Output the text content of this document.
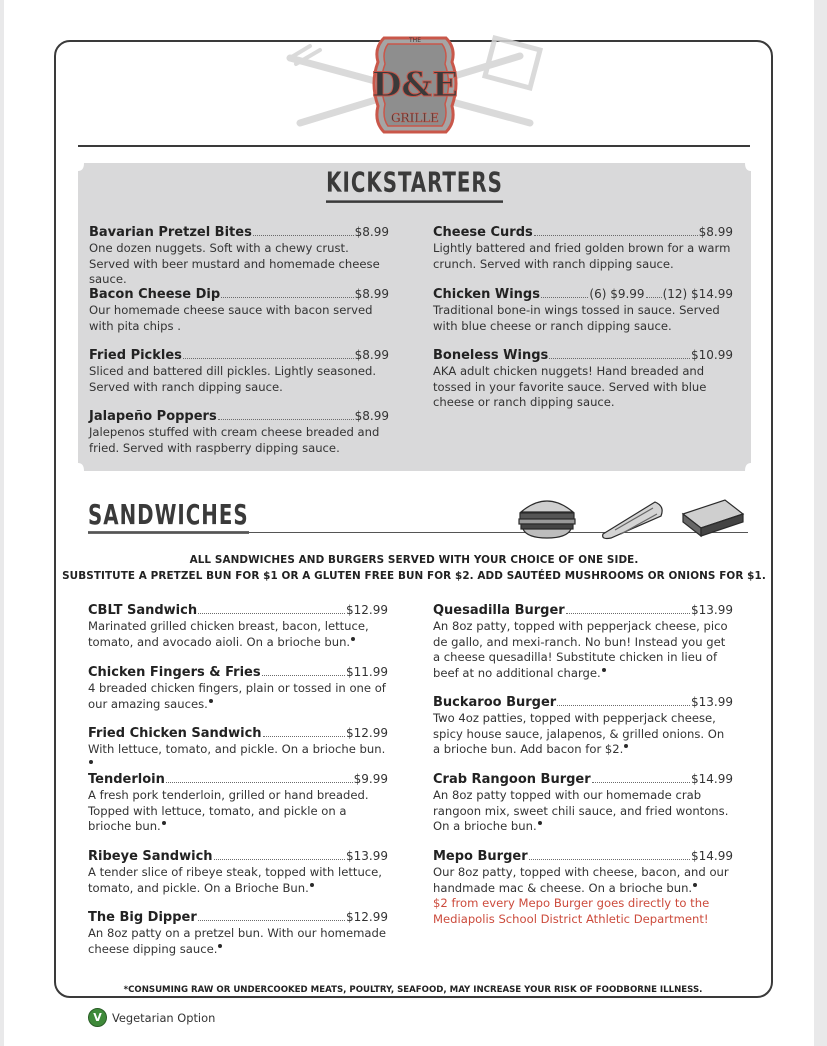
THE
D&E
GRILLE
KICKSTARTERS
Bavarian Pretzel Bites	$8.99
One dozen nuggets. Soft with a chewy crust. Served with beer mustard and homemade cheese sauce.
Bacon Cheese Dip	$8.99
Our homemade cheese sauce with bacon served with pita chips .
Fried Pickles	$8.99
Sliced and battered dill pickles. Lightly seasoned. Served with ranch dipping sauce.
Jalapeño Poppers	$8.99
Jalepenos stuffed with cream cheese breaded and fried. Served with raspberry dipping sauce.
Cheese Curds	$8.99
Lightly battered and fried golden brown for a warm crunch. Served with ranch dipping sauce.
Chicken Wings	(6) $9.99 (12) $14.99
Traditional bone-in wings tossed in sauce. Served with blue cheese or ranch dipping sauce.
Boneless Wings	$10.99
AKA adult chicken nuggets! Hand breaded and tossed in your favorite sauce. Served with blue cheese or ranch dipping sauce.
SANDWICHES
ALL SANDWICHES AND BURGERS SERVED WITH YOUR CHOICE OF ONE SIDE.
SUBSTITUTE A PRETZEL BUN FOR $1 OR A GLUTEN FREE BUN FOR $2. ADD SAUTÉED MUSHROOMS OR ONIONS FOR $1.
CBLT Sandwich	$12.99
Marinated grilled chicken breast, bacon, lettuce, tomato, and avocado aioli. On a brioche bun.
Chicken Fingers & Fries	$11.99
4 breaded chicken fingers, plain or tossed in one of our amazing sauces.
Fried Chicken Sandwich	$12.99
With lettuce, tomato, and pickle. On a brioche bun.
Tenderloin	$9.99
A fresh pork tenderloin, grilled or hand breaded. Topped with lettuce, tomato, and pickle on a brioche bun.
Ribeye Sandwich	$13.99
A tender slice of ribeye steak, topped with lettuce, tomato, and pickle. On a Brioche Bun.
The Big Dipper	$12.99
An 8oz patty on a pretzel bun. With our homemade cheese dipping sauce.
Quesadilla Burger	$13.99
An 8oz patty, topped with pepperjack cheese, pico de gallo, and mexi-ranch. No bun! Instead you get a cheese quesadilla! Substitute chicken in lieu of beef at no additional charge.
Buckaroo Burger	$13.99
Two 4oz patties, topped with pepperjack cheese, spicy house sauce, jalapenos, & grilled onions. On a brioche bun. Add bacon for $2.
Crab Rangoon Burger	$14.99
An 8oz patty topped with our homemade crab rangoon mix, sweet chili sauce, and fried wontons. On a brioche bun.
Mepo Burger	$14.99
Our 8oz patty, topped with cheese, bacon, and our handmade mac & cheese. On a brioche bun.
$2 from every Mepo Burger goes directly to the Mediapolis School District Athletic Department!
*CONSUMING RAW OR UNDERCOOKED MEATS, POULTRY, SEAFOOD, MAY INCREASE YOUR RISK OF FOODBORNE ILLNESS.
V Vegetarian Option
